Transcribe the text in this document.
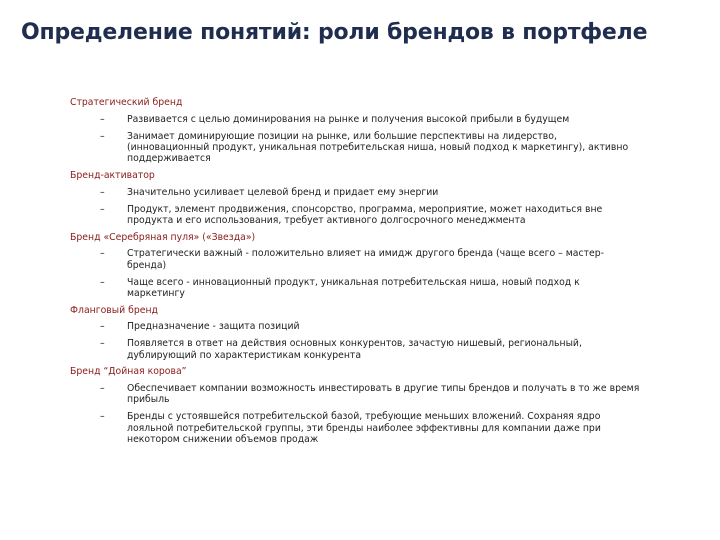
Определение понятий: роли брендов в портфеле
Стратегический бренд
– Развивается с целью доминирования на рынке и получения высокой прибыли в будущем
– Занимает доминирующие позиции на рынке, или большие перспективы на лидерство, (инновационный продукт, уникальная потребительская ниша, новый подход к маркетингу), активно поддерживается
Бренд-активатор
– Значительно усиливает целевой бренд и придает ему энергии
– Продукт, элемент продвижения, спонсорство, программа, мероприятие, может находиться вне продукта и его использования, требует активного долгосрочного менеджмента
Бренд «Серебряная пуля» («Звезда»)
– Стратегически важный - положительно влияет на имидж другого бренда (чаще всего – мастер-бренда)
– Чаще всего - инновационный продукт, уникальная потребительская ниша, новый подход к маркетингу
Фланговый бренд
– Предназначение - защита позиций
– Появляется в ответ на действия основных конкурентов, зачастую нишевый, региональный, дублирующий по характеристикам конкурента
Бренд “Дойная корова”
– Обеспечивает компании возможность инвестировать в другие типы брендов и получать в то же время прибыль
– Бренды с устоявшейся потребительской базой, требующие меньших вложений. Сохраняя ядро лояльной потребительской группы, эти бренды наиболее эффективны для компании даже при некотором снижении объемов продаж
